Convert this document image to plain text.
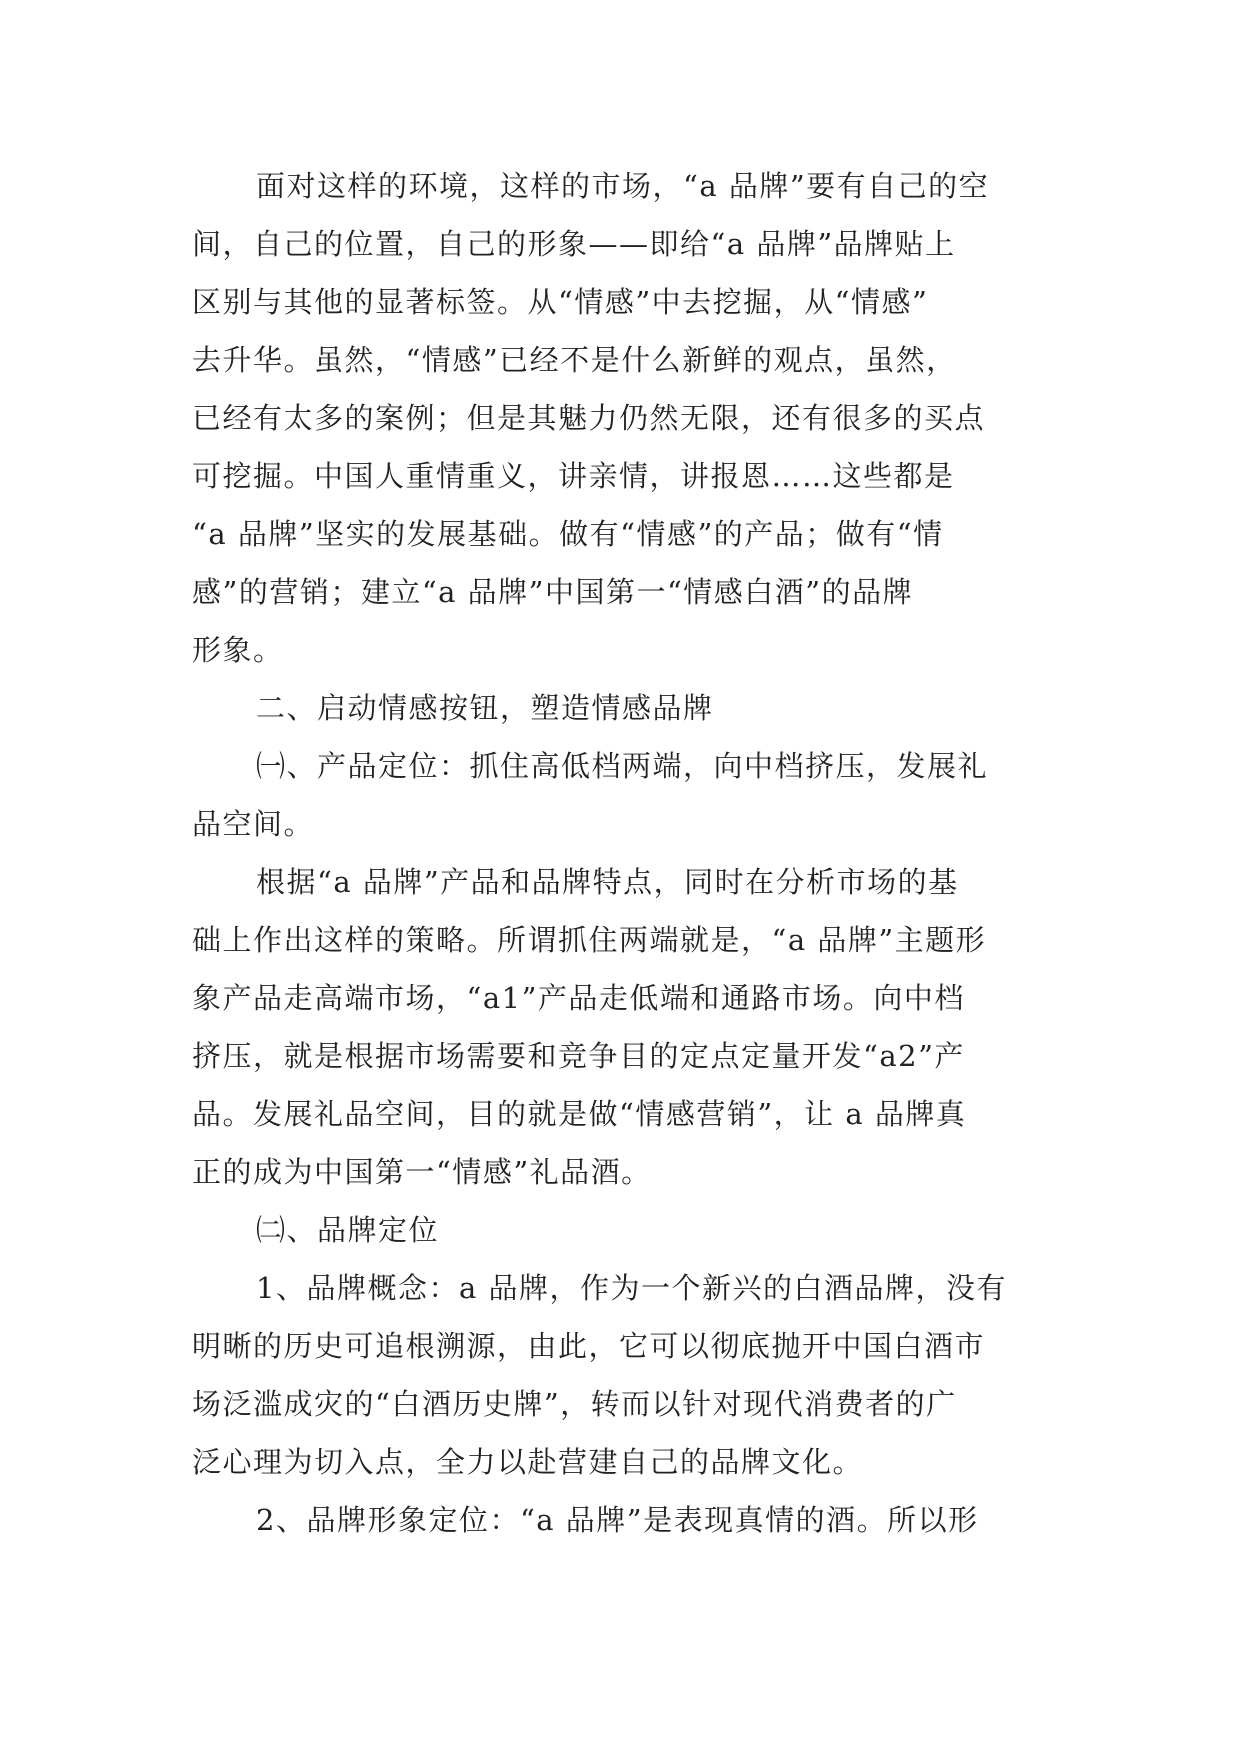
面对这样的环境，这样的市场，“a 品牌”要有自己的空
间，自己的位置，自己的形象——即给“a 品牌”品牌贴上
区别与其他的显著标签。从“情感”中去挖掘，从“情感”
去升华。虽然，“情感”已经不是什么新鲜的观点，虽然，
已经有太多的案例；但是其魅力仍然无限，还有很多的买点
可挖掘。中国人重情重义，讲亲情，讲报恩……这些都是
“a 品牌”坚实的发展基础。做有“情感”的产品；做有“情
感”的营销；建立“a 品牌”中国第一“情感白酒”的品牌
形象。
二、启动情感按钮，塑造情感品牌
㈠、产品定位：抓住高低档两端，向中档挤压，发展礼
品空间。
根据“a 品牌”产品和品牌特点，同时在分析市场的基
础上作出这样的策略。所谓抓住两端就是，“a 品牌”主题形
象产品走高端市场，“a1”产品走低端和通路市场。向中档
挤压，就是根据市场需要和竞争目的定点定量开发“a2”产
品。发展礼品空间，目的就是做“情感营销”，让 a 品牌真
正的成为中国第一“情感”礼品酒。
㈡、品牌定位
1、品牌概念：a 品牌，作为一个新兴的白酒品牌，没有
明晰的历史可追根溯源，由此，它可以彻底抛开中国白酒市
场泛滥成灾的“白酒历史牌”，转而以针对现代消费者的广
泛心理为切入点，全力以赴营建自己的品牌文化。
2、品牌形象定位：“a 品牌”是表现真情的酒。所以形
